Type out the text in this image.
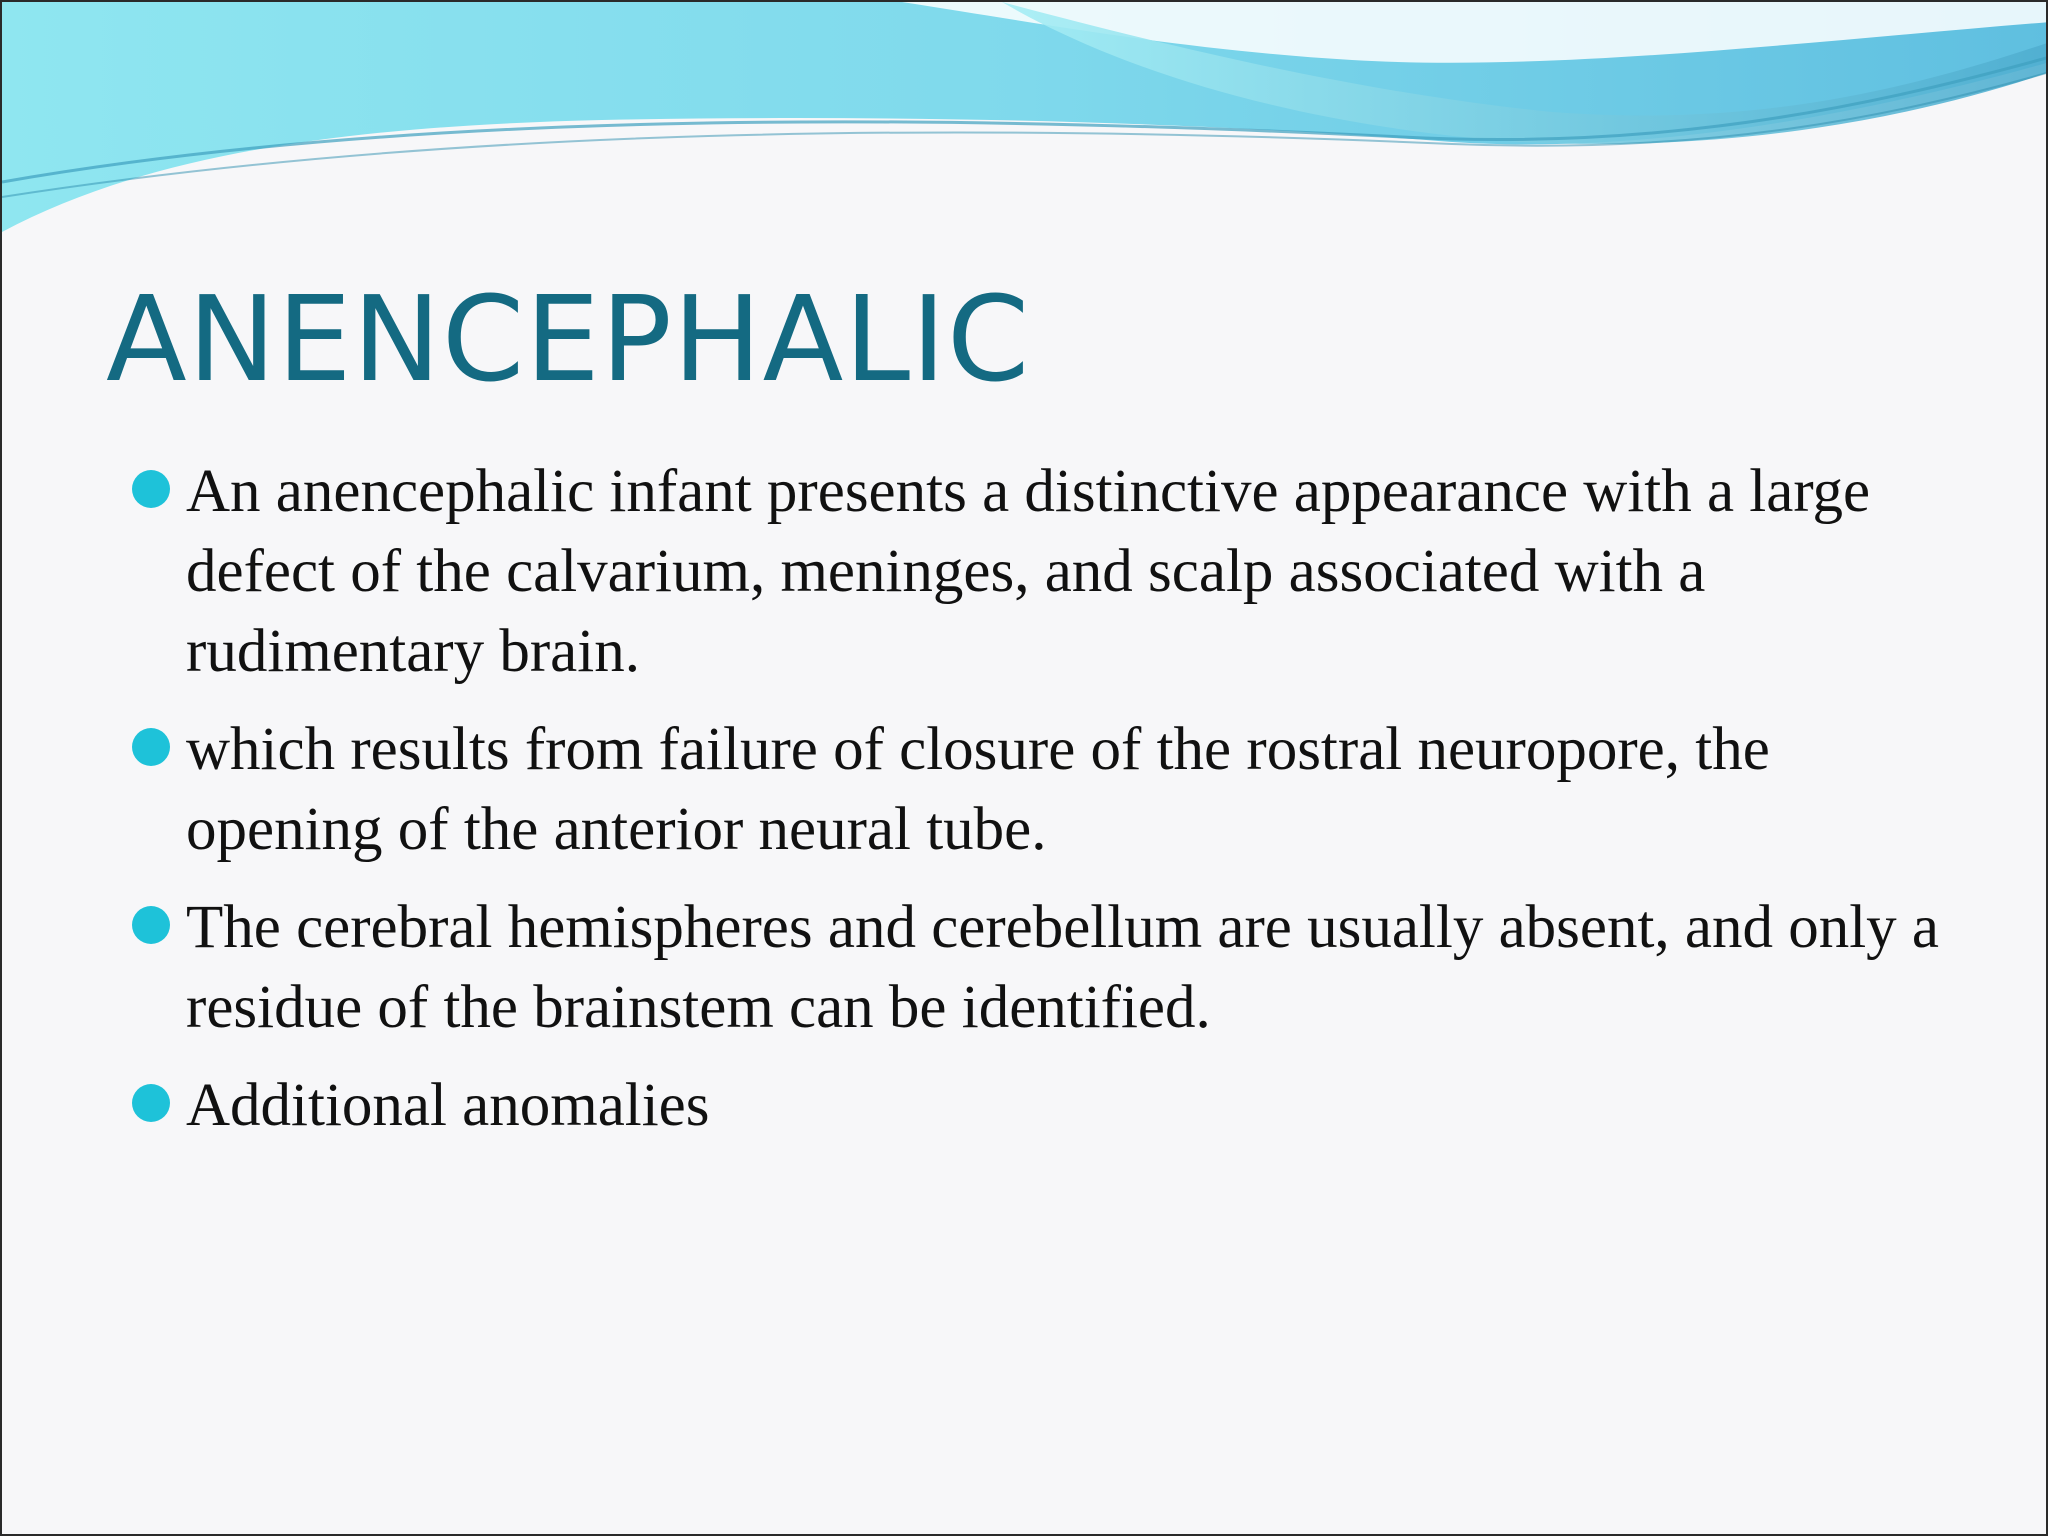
ANENCEPHALIC
An anencephalic infant presents a distinctive appearance with a large defect of the calvarium, meninges, and scalp associated with a rudimentary brain.
which results from failure of closure of the rostral neuropore, the opening of the anterior neural tube.
The cerebral hemispheres and cerebellum are usually absent, and only a residue of the brainstem can be identified.
Additional anomalies
